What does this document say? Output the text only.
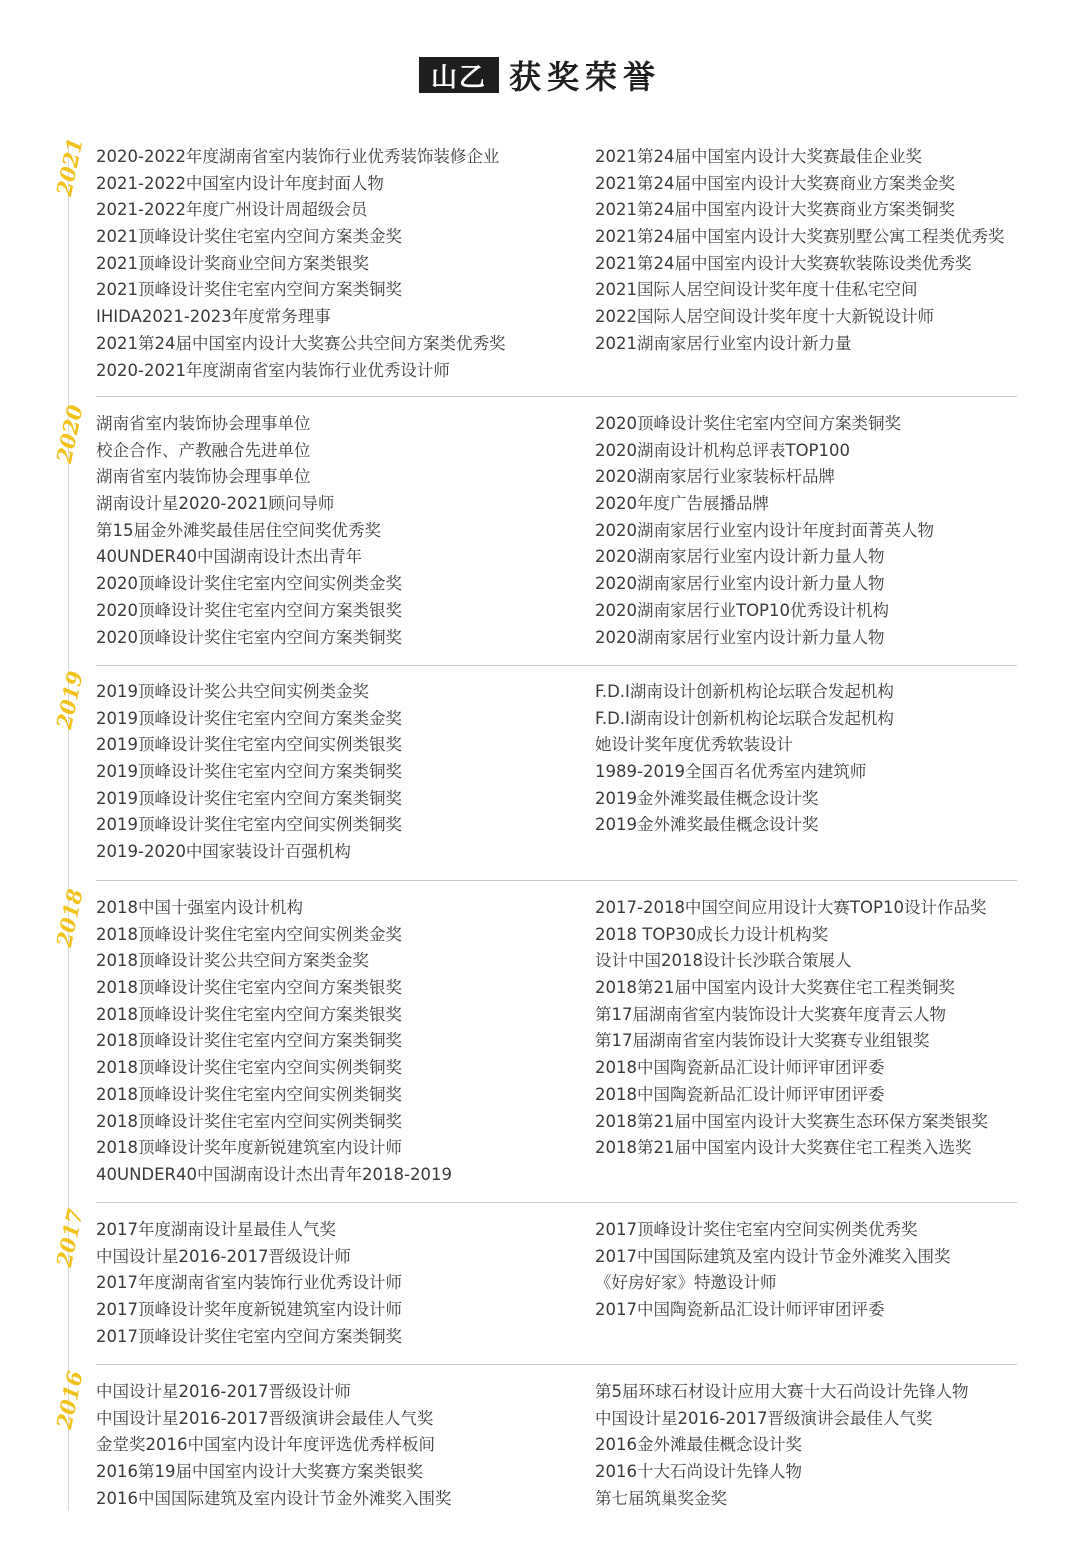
山乙 获奖荣誉
2021 2020-2022年度湖南省室内装饰行业优秀装饰装修企业
2021-2022中国室内设计年度封面人物
2021-2022年度广州设计周超级会员
2021顶峰设计奖住宅室内空间方案类金奖
2021顶峰设计奖商业空间方案类银奖
2021顶峰设计奖住宅室内空间方案类铜奖
IHIDA2021-2023年度常务理事
2021第24届中国室内设计大奖赛公共空间方案类优秀奖
2020-2021年度湖南省室内装饰行业优秀设计师
2021第24届中国室内设计大奖赛最佳企业奖
2021第24届中国室内设计大奖赛商业方案类金奖
2021第24届中国室内设计大奖赛商业方案类铜奖
2021第24届中国室内设计大奖赛别墅公寓工程类优秀奖
2021第24届中国室内设计大奖赛软装陈设类优秀奖
2021国际人居空间设计奖年度十佳私宅空间
2022国际人居空间设计奖年度十大新锐设计师
2021湖南家居行业室内设计新力量
2020 湖南省室内装饰协会理事单位
校企合作、产教融合先进单位
湖南省室内装饰协会理事单位
湖南设计星2020-2021顾问导师
第15届金外滩奖最佳居住空间奖优秀奖
40UNDER40中国湖南设计杰出青年
2020顶峰设计奖住宅室内空间实例类金奖
2020顶峰设计奖住宅室内空间方案类银奖
2020顶峰设计奖住宅室内空间方案类铜奖
2020顶峰设计奖住宅室内空间方案类铜奖
2020湖南设计机构总评表TOP100
2020湖南家居行业家装标杆品牌
2020年度广告展播品牌
2020湖南家居行业室内设计年度封面菁英人物
2020湖南家居行业室内设计新力量人物
2020湖南家居行业室内设计新力量人物
2020湖南家居行业TOP10优秀设计机构
2020湖南家居行业室内设计新力量人物
2019 2019顶峰设计奖公共空间实例类金奖
2019顶峰设计奖住宅室内空间方案类金奖
2019顶峰设计奖住宅室内空间实例类银奖
2019顶峰设计奖住宅室内空间方案类铜奖
2019顶峰设计奖住宅室内空间方案类铜奖
2019顶峰设计奖住宅室内空间实例类铜奖
2019-2020中国家装设计百强机构
F.D.I湖南设计创新机构论坛联合发起机构
F.D.I湖南设计创新机构论坛联合发起机构
她设计奖年度优秀软装设计
1989-2019全国百名优秀室内建筑师
2019金外滩奖最佳概念设计奖
2019金外滩奖最佳概念设计奖
2018 2018中国十强室内设计机构
2018顶峰设计奖住宅室内空间实例类金奖
2018顶峰设计奖公共空间方案类金奖
2018顶峰设计奖住宅室内空间方案类银奖
2018顶峰设计奖住宅室内空间方案类银奖
2018顶峰设计奖住宅室内空间方案类铜奖
2018顶峰设计奖住宅室内空间实例类铜奖
2018顶峰设计奖住宅室内空间实例类铜奖
2018顶峰设计奖住宅室内空间实例类铜奖
2018顶峰设计奖年度新锐建筑室内设计师
40UNDER40中国湖南设计杰出青年2018-2019
2017-2018中国空间应用设计大赛TOP10设计作品奖
2018 TOP30成长力设计机构奖
设计中国2018设计长沙联合策展人
2018第21届中国室内设计大奖赛住宅工程类铜奖
第17届湖南省室内装饰设计大奖赛年度青云人物
第17届湖南省室内装饰设计大奖赛专业组银奖
2018中国陶瓷新品汇设计师评审团评委
2018中国陶瓷新品汇设计师评审团评委
2018第21届中国室内设计大奖赛生态环保方案类银奖
2018第21届中国室内设计大奖赛住宅工程类入选奖
2017 2017年度湖南设计星最佳人气奖
中国设计星2016-2017晋级设计师
2017年度湖南省室内装饰行业优秀设计师
2017顶峰设计奖年度新锐建筑室内设计师
2017顶峰设计奖住宅室内空间方案类铜奖
2017顶峰设计奖住宅室内空间实例类优秀奖
2017中国国际建筑及室内设计节金外滩奖入围奖
《好房好家》特邀设计师
2017中国陶瓷新品汇设计师评审团评委
2016 中国设计星2016-2017晋级设计师
中国设计星2016-2017晋级演讲会最佳人气奖
金堂奖2016中国室内设计年度评选优秀样板间
2016第19届中国室内设计大奖赛方案类银奖
2016中国国际建筑及室内设计节金外滩奖入围奖
第5届环球石材设计应用大赛十大石尚设计先锋人物
中国设计星2016-2017晋级演讲会最佳人气奖
2016金外滩最佳概念设计奖
2016十大石尚设计先锋人物
第七届筑巢奖金奖
